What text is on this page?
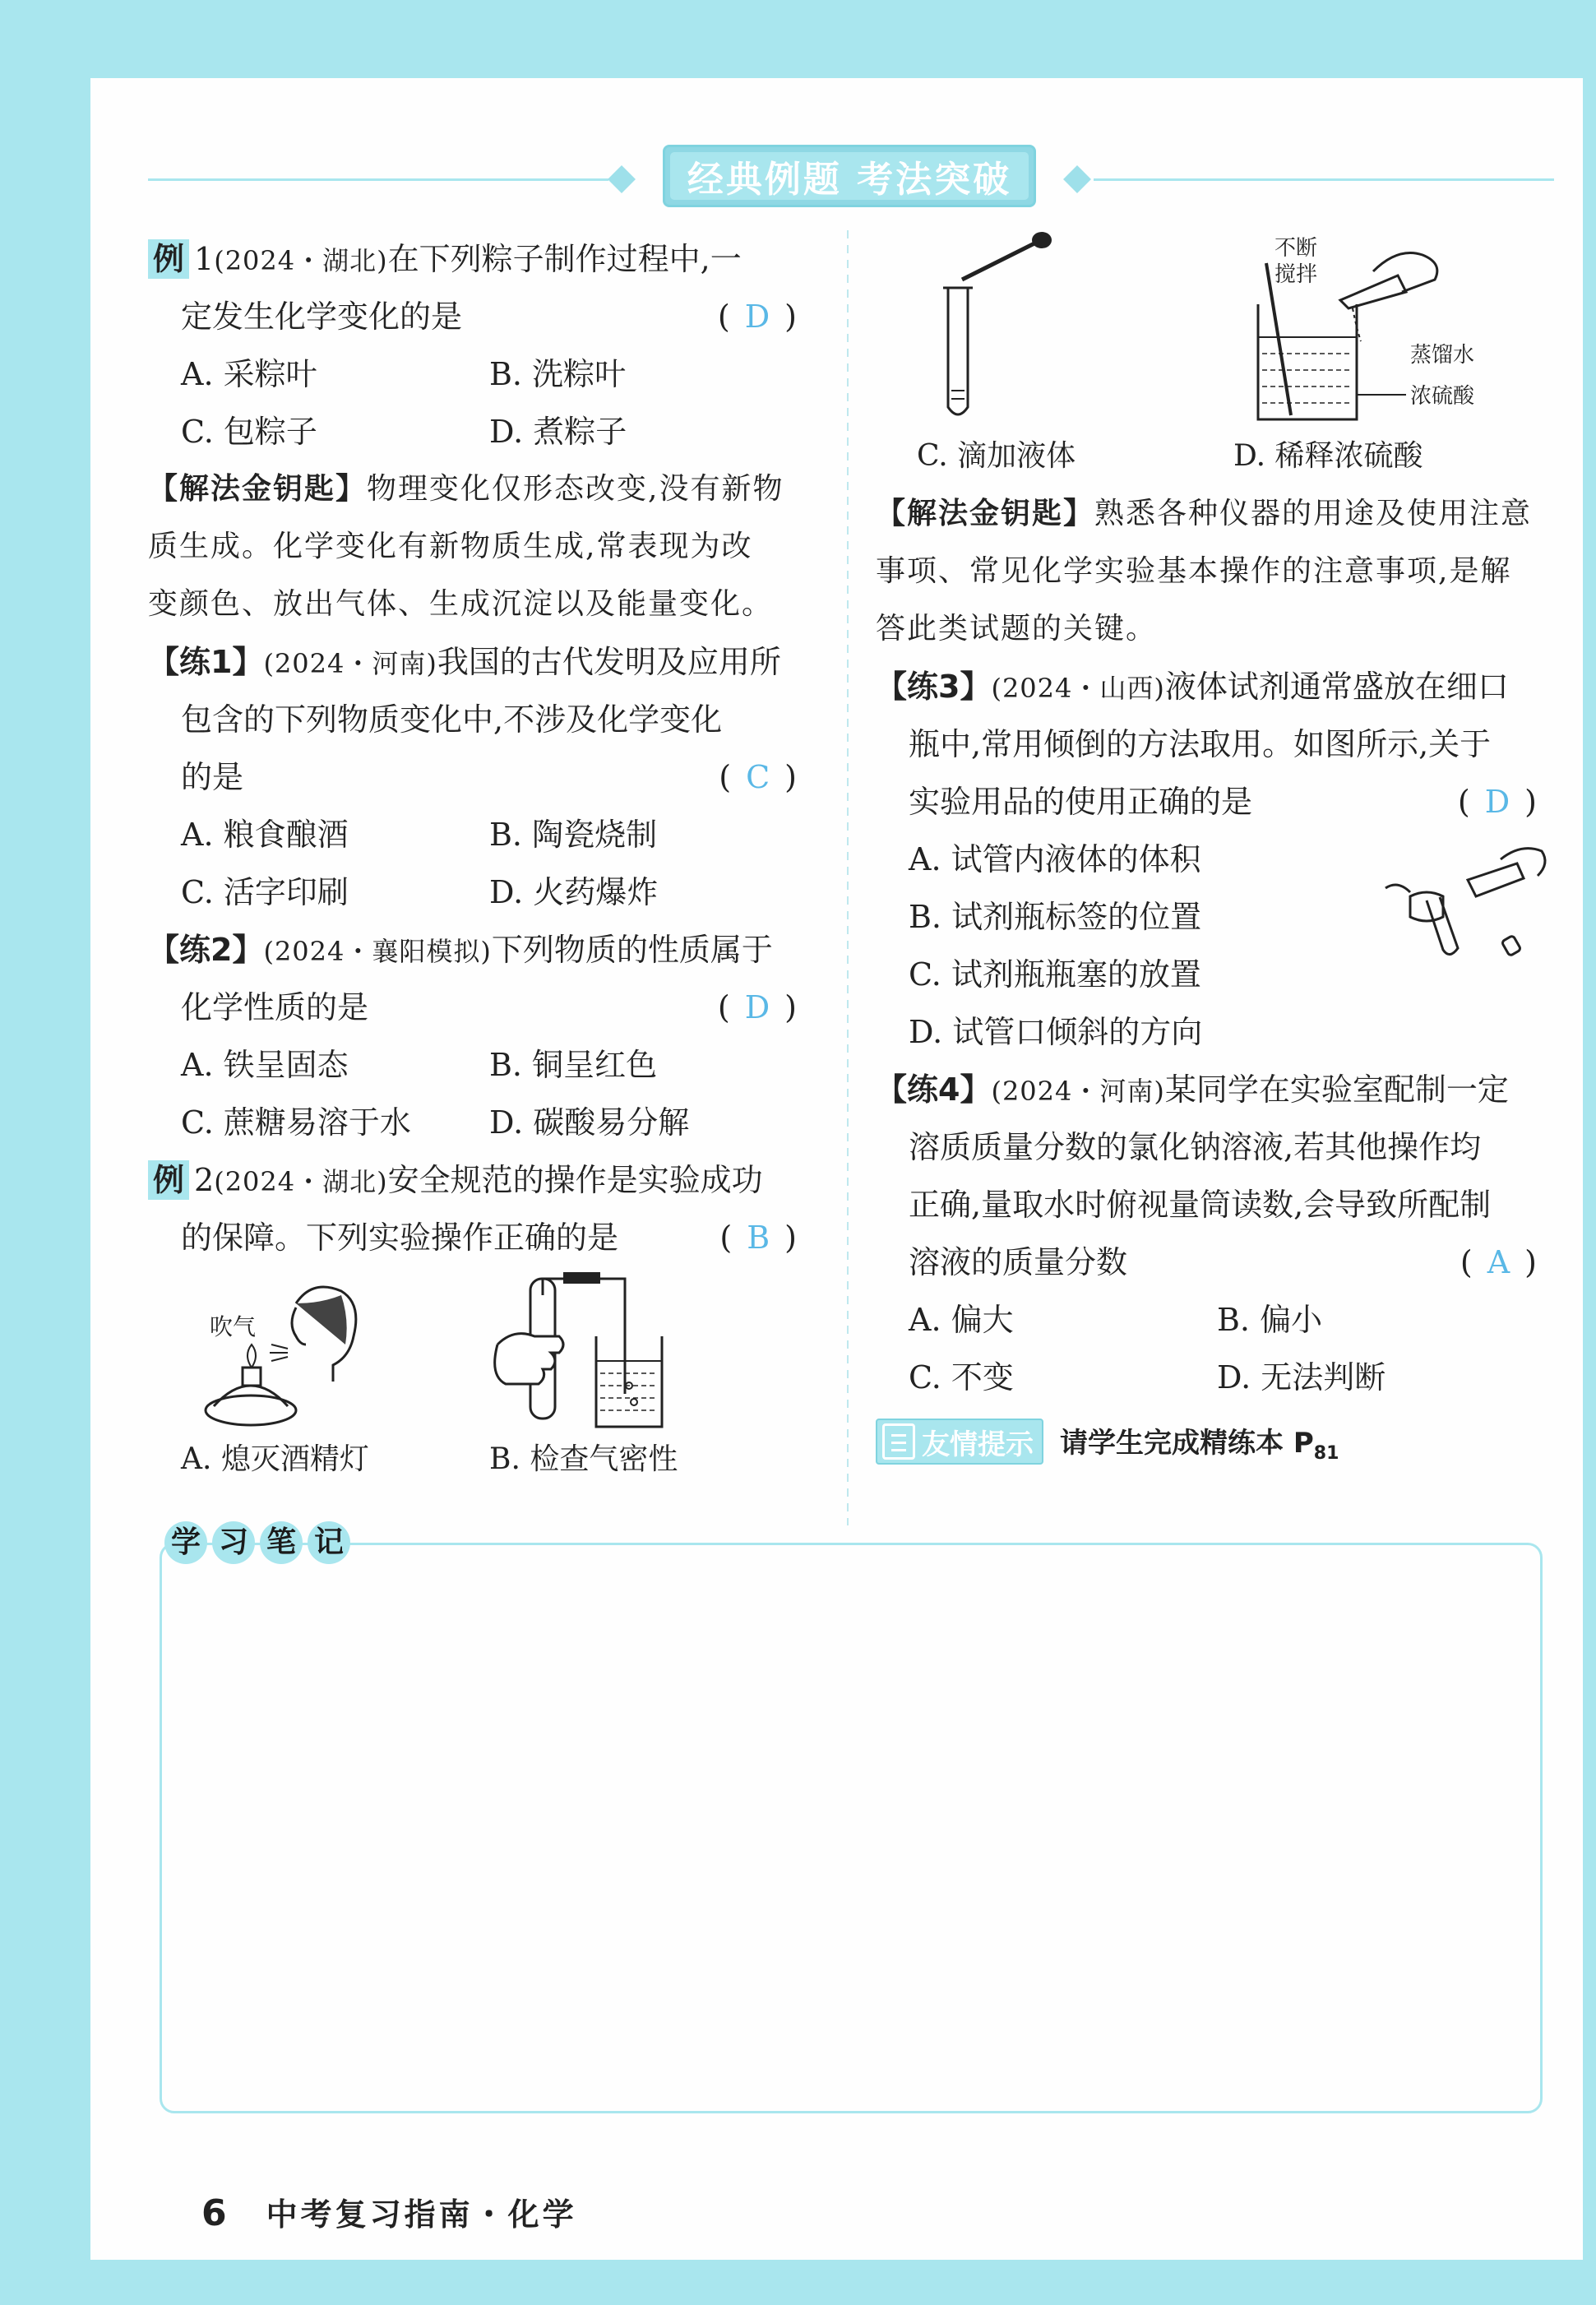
经典例题 考法突破
例 1(2024・湖北)在下列粽子制作过程中,一
定发生化学变化的是	(D )
A. 采粽叶	B. 洗粽叶
C. 包粽子	D. 煮粽子
【解法金钥匙】物理变化仅形态改变,没有新物
质生成。化学变化有新物质生成,常表现为改
变颜色、放出气体、生成沉淀以及能量变化。
【练1】(2024・河南)我国的古代发明及应用所
包含的下列物质变化中,不涉及化学变化
的是	(C )
A. 粮食酿酒	B. 陶瓷烧制
C. 活字印刷	D. 火药爆炸
【练2】(2024・襄阳模拟)下列物质的性质属于
化学性质的是	(D )
A. 铁呈固态	B. 铜呈红色
C. 蔗糖易溶于水	D. 碳酸易分解
例 2(2024・湖北)安全规范的操作是实验成功
的保障。下列实验操作正确的是	(B )
吹气
A. 熄灭酒精灯	B. 检查气密性
不断
搅拌
蒸馏水
浓硫酸
C. 滴加液体	D. 稀释浓硫酸
【解法金钥匙】熟悉各种仪器的用途及使用注意
事项、常见化学实验基本操作的注意事项,是解
答此类试题的关键。
【练3】(2024・山西)液体试剂通常盛放在细口
瓶中,常用倾倒的方法取用。如图所示,关于
实验用品的使用正确的是	(D )
A. 试管内液体的体积
B. 试剂瓶标签的位置
C. 试剂瓶瓶塞的放置
D. 试管口倾斜的方向
【练4】(2024・河南)某同学在实验室配制一定
溶质质量分数的氯化钠溶液,若其他操作均
正确,量取水时俯视量筒读数,会导致所配制
溶液的质量分数	(A )
A. 偏大	B. 偏小
C. 不变	D. 无法判断
友情提示 请学生完成精练本 $P_{81}$
学 习 笔 记
6 中考复习指南・化学
